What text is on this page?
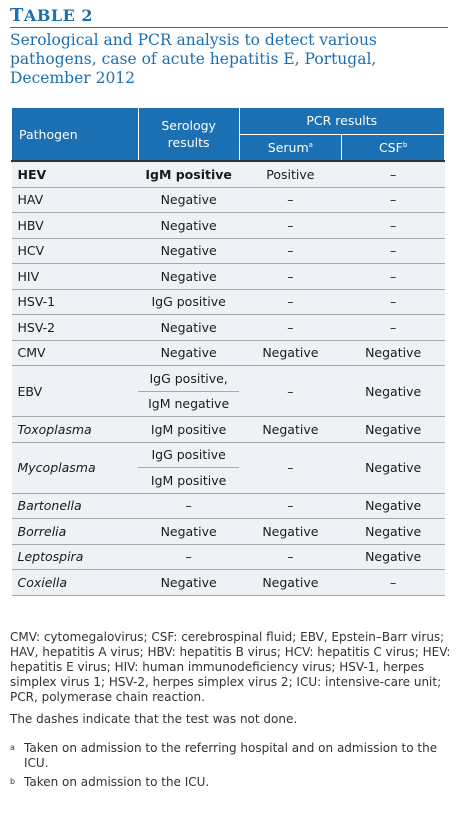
TABLE 2
Serological and PCR analysis to detect various pathogens, case of acute hepatitis E, Portugal, December 2012
Pathogen	Serology results	PCR results	
		Serum$^a$	CSF$^b$
HEV	IgM positive	Positive	–
HAV	Negative	–	–
HBV	Negative	–	–
HCV	Negative	–	–
HIV	Negative	–	–
HSV-1	IgG positive	–	–
HSV-2	Negative	–	–
CMV	Negative	Negative	Negative
EBV	IgG positive,	–	Negative
	IgM negative		
Toxoplasma	IgM positive	Negative	Negative
Mycoplasma	IgG positive	–	Negative
	IgM positive		
Bartonella	–	–	Negative
Borrelia	Negative	Negative	Negative
Leptospira	–	–	Negative
Coxiella	Negative	Negative	–

CMV: cytomegalovirus; CSF: cerebrospinal fluid; EBV, Epstein–Barr virus; HAV, hepatitis A virus; HBV: hepatitis B virus; HCV: hepatitis C virus; HEV: hepatitis E virus; HIV: human immunodeficiency virus; HSV-1, herpes simplex virus 1; HSV-2, herpes simplex virus 2; ICU: intensive-care unit; PCR, polymerase chain reaction.

The dashes indicate that the test was not done.

a Taken on admission to the referring hospital and on admission to the ICU.
b Taken on admission to the ICU.
